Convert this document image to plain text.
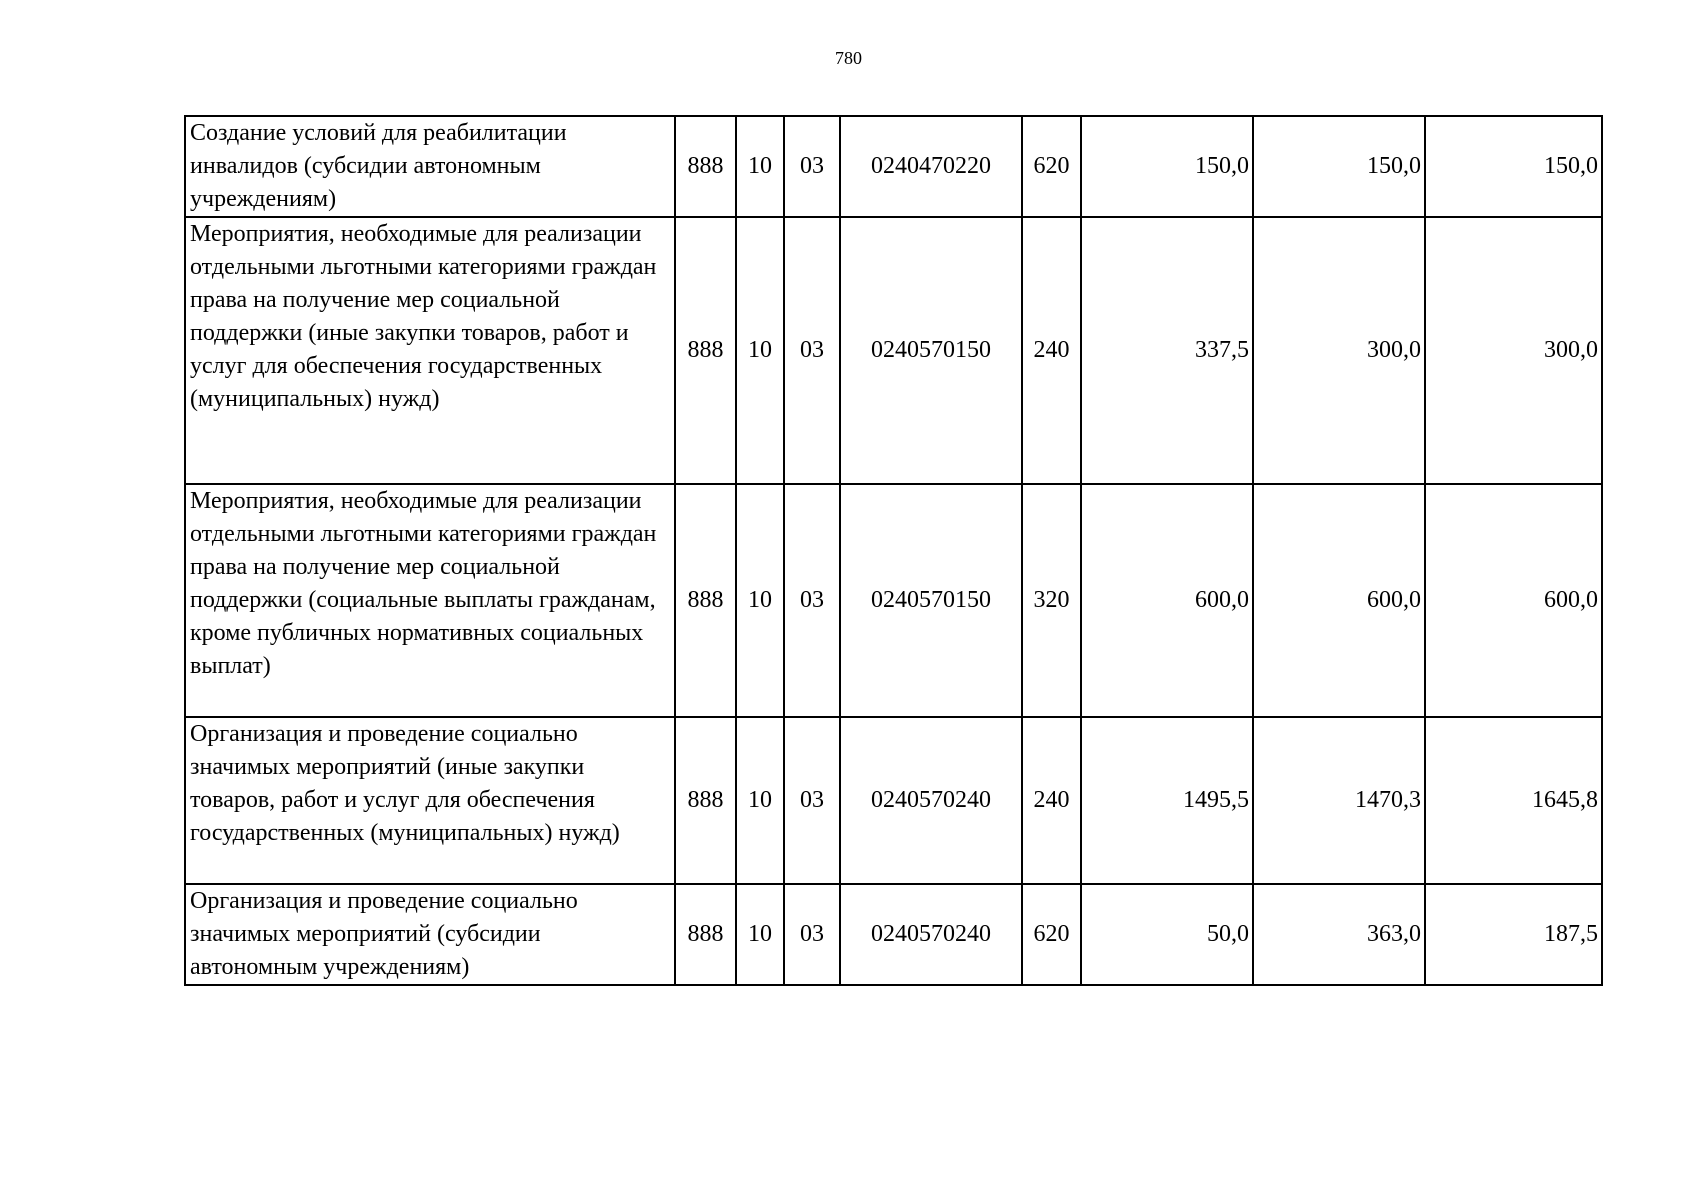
780
Создание условий для реабилитации инвалидов (субсидии автономным учреждениям)	888	10	03	0240470220	620	150,0	150,0	150,0
Мероприятия, необходимые для реализации отдельными льготными категориями граждан права на получение мер социальной поддержки (иные закупки товаров, работ и услуг для обеспечения государственных (муниципальных) нужд)	888	10	03	0240570150	240	337,5	300,0	300,0
Мероприятия, необходимые для реализации отдельными льготными категориями граждан права на получение мер социальной поддержки (социальные выплаты гражданам, кроме публичных нормативных социальных выплат)	888	10	03	0240570150	320	600,0	600,0	600,0
Организация и проведение социально значимых мероприятий (иные закупки товаров, работ и услуг для обеспечения государственных (муниципальных) нужд)	888	10	03	0240570240	240	1495,5	1470,3	1645,8
Организация и проведение социально значимых мероприятий (субсидии автономным учреждениям)	888	10	03	0240570240	620	50,0	363,0	187,5
